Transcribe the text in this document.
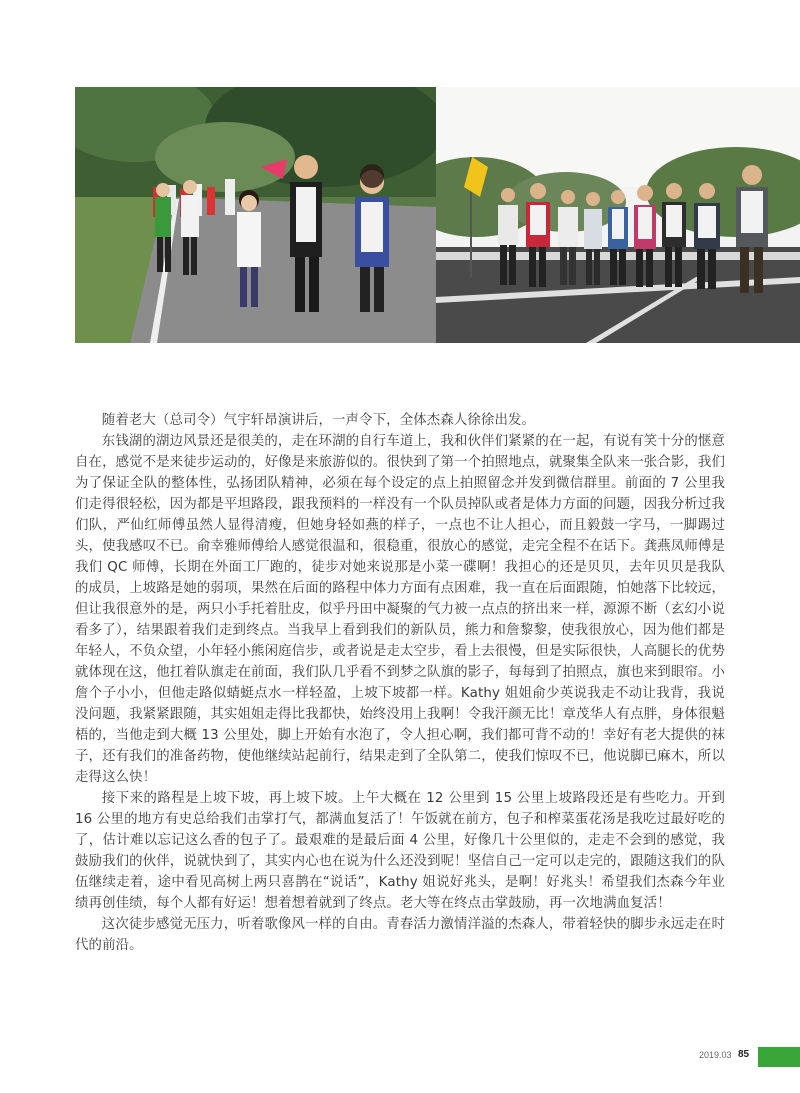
随着老大（总司令）气宇轩昂演讲后，一声令下，全体杰森人徐徐出发。

东钱湖的湖边风景还是很美的，走在环湖的自行车道上，我和伙伴们紧紧的在一起，有说有笑十分的惬意自在，感觉不是来徒步运动的，好像是来旅游似的。很快到了第一个拍照地点，就聚集全队来一张合影，我们为了保证全队的整体性，弘扬团队精神，必须在每个设定的点上拍照留念并发到微信群里。前面的 7 公里我们走得很轻松，因为都是平坦路段，跟我预料的一样没有一个队员掉队或者是体力方面的问题，因我分析过我们队，严仙红师傅虽然人显得清瘦，但她身轻如燕的样子，一点也不让人担心，而且毅鼓一字马，一脚踢过头，使我感叹不已。俞幸雅师傅给人感觉很温和，很稳重，很放心的感觉，走完全程不在话下。龚燕凤师傅是我们 QC 师傅，长期在外面工厂跑的，徒步对她来说那是小菜一碟啊！我担心的还是贝贝，去年贝贝是我队的成员，上坡路是她的弱项，果然在后面的路程中体力方面有点困难，我一直在后面跟随，怕她落下比较远，但让我很意外的是，两只小手托着肚皮，似乎丹田中凝聚的气力被一点点的挤出来一样，源源不断（玄幻小说看多了），结果跟着我们走到终点。当我早上看到我们的新队员，熊力和詹黎黎，使我很放心，因为他们都是年轻人，不负众望，小年轻小熊闲庭信步，或者说是走太空步，看上去很慢，但是实际很快，人高腿长的优势就体现在这，他扛着队旗走在前面，我们队几乎看不到梦之队旗的影子，每每到了拍照点，旗也来到眼帘。小詹个子小小，但他走路似蜻蜓点水一样轻盈，上坡下坡都一样。Kathy 姐姐俞少英说我走不动让我背，我说没问题，我紧紧跟随，其实姐姐走得比我都快，始终没用上我啊！令我汗颜无比！章茂华人有点胖，身体很魁梧的，当他走到大概 13 公里处，脚上开始有水泡了，令人担心啊，我们都可背不动的！幸好有老大提供的袜子，还有我们的准备药物，使他继续站起前行，结果走到了全队第二，使我们惊叹不已，他说脚已麻木，所以走得这么快！

接下来的路程是上坡下坡，再上坡下坡。上午大概在 12 公里到 15 公里上坡路段还是有些吃力。开到 16 公里的地方有史总给我们击掌打气，都满血复活了！午饭就在前方，包子和榨菜蛋花汤是我吃过最好吃的了，估计难以忘记这么香的包子了。最艰难的是最后面 4 公里，好像几十公里似的，走走不会到的感觉，我鼓励我们的伙伴，说就快到了，其实内心也在说为什么还没到呢！坚信自己一定可以走完的，跟随这我们的队伍继续走着，途中看见高树上两只喜鹊在“说话”，Kathy 姐说好兆头，是啊！好兆头！希望我们杰森今年业绩再创佳绩，每个人都有好运！想着想着就到了终点。老大等在终点击掌鼓励，再一次地满血复活！

这次徒步感觉无压力，听着歌像风一样的自由。青春活力激情洋溢的杰森人，带着轻快的脚步永远走在时代的前沿。

2019.03 85
